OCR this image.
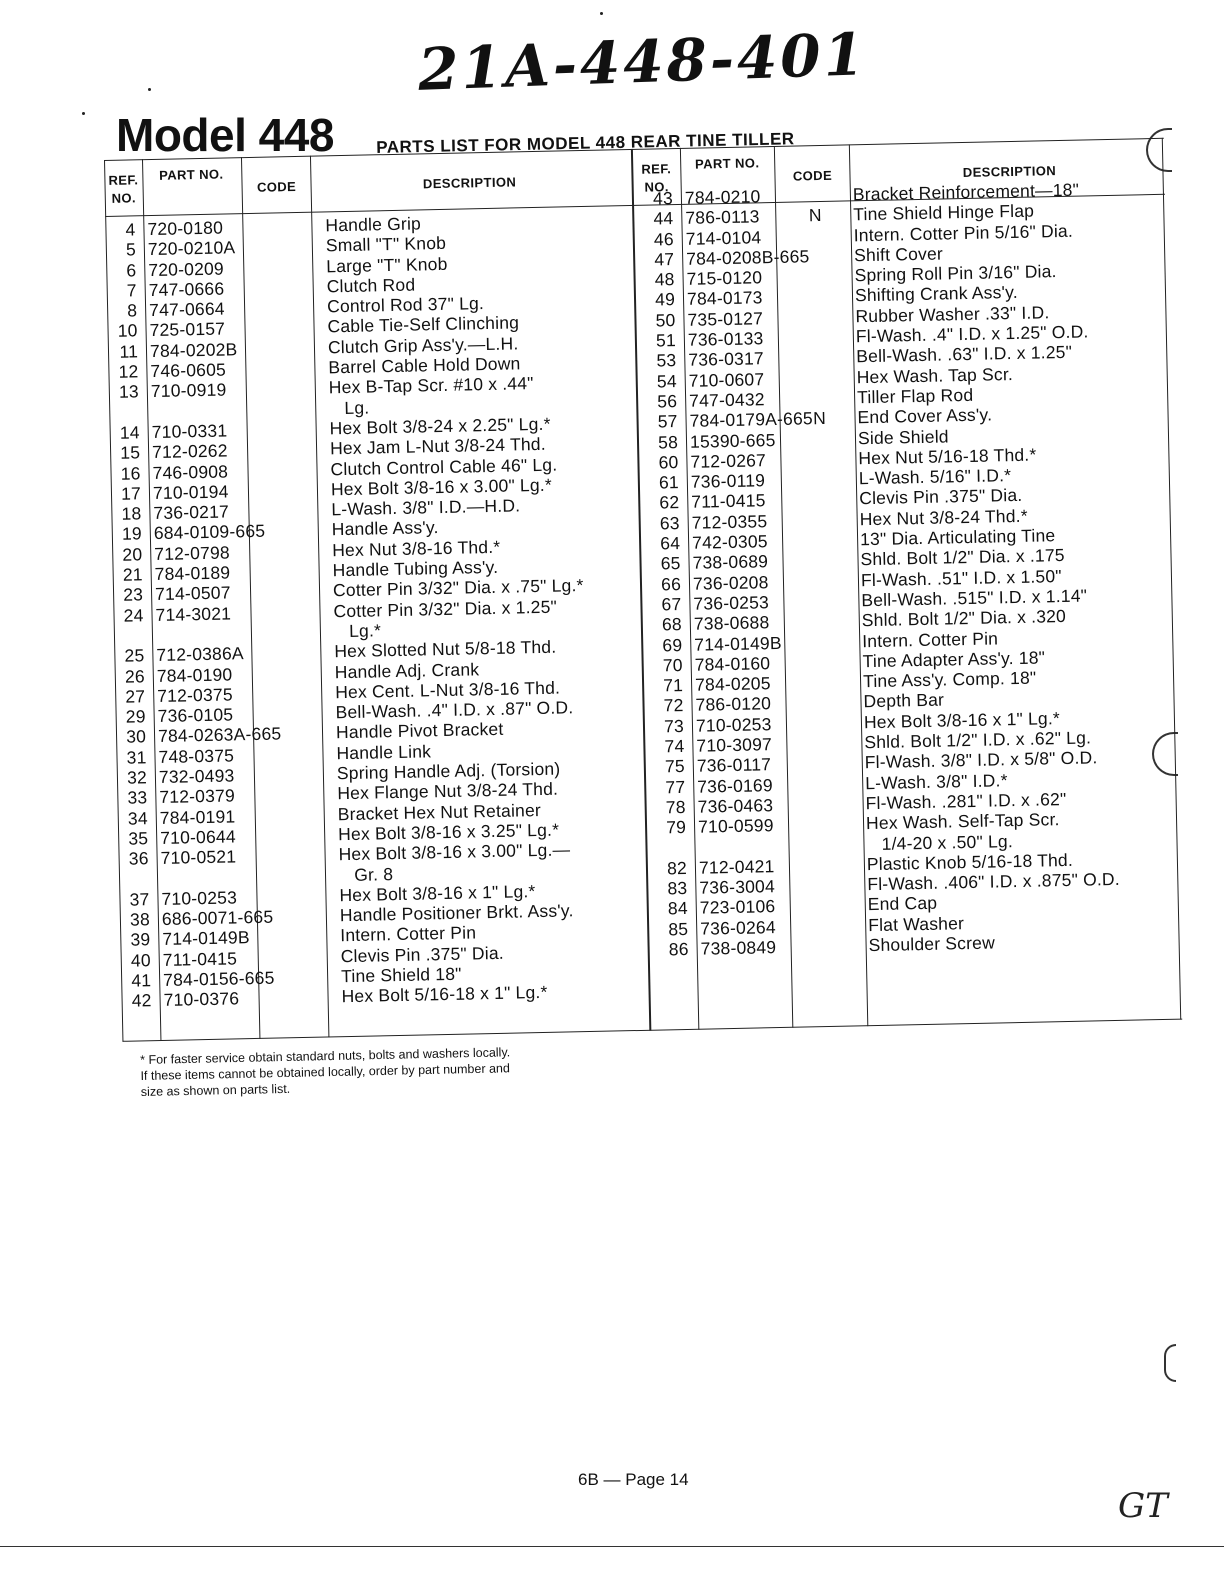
21A-448-401
Model 448 PARTS LIST FOR MODEL 448 REAR TINE TILLER
REF. NO.
PART NO.
CODE	DESCRIPTION
REF. NO.
PART NO.
CODE	DESCRIPTION
4
5
6
7
8
10
11
12
13
14
15
16
17
18
19
20
21
23
24
25
26
27
29
30
31
32
33
34
35
36
37
38
39
40
41
42
720-0180
720-0210A
720-0209
747-0666
747-0664
725-0157
784-0202B
746-0605
710-0919
710-0331
712-0262
746-0908
710-0194
736-0217
684-0109-665
712-0798
784-0189
714-0507
714-3021
712-0386A
784-0190
712-0375
736-0105
784-0263A-665
748-0375
732-0493
712-0379
784-0191
710-0644
710-0521
710-0253
686-0071-665
714-0149B
711-0415
784-0156-665
710-0376
Handle Grip
Small "T" Knob
Large "T" Knob
Clutch Rod
Control Rod 37" Lg.
Cable Tie-Self Clinching
Clutch Grip Ass'y.—L.H.
Barrel Cable Hold Down
Hex B-Tap Scr. #10 x .44"
Lg.
Hex Bolt 3/8-24 x 2.25" Lg.*
Hex Jam L-Nut 3/8-24 Thd.
Clutch Control Cable 46" Lg.
Hex Bolt 3/8-16 x 3.00" Lg.*
L-Wash. 3/8" I.D.—H.D.
Handle Ass'y.
Hex Nut 3/8-16 Thd.*
Handle Tubing Ass'y.
Cotter Pin 3/32" Dia. x .75" Lg.*
Cotter Pin 3/32" Dia. x 1.25"
Lg.*
Hex Slotted Nut 5/8-18 Thd.
Handle Adj. Crank
Hex Cent. L-Nut 3/8-16 Thd.
Bell-Wash. .4" I.D. x .87" O.D.
Handle Pivot Bracket
Handle Link
Spring Handle Adj. (Torsion)
Hex Flange Nut 3/8-24 Thd.
Bracket Hex Nut Retainer
Hex Bolt 3/8-16 x 3.25" Lg.*
Hex Bolt 3/8-16 x 3.00" Lg.—
Gr. 8
Hex Bolt 3/8-16 x 1" Lg.*
Handle Positioner Brkt. Ass'y.
Intern. Cotter Pin
Clevis Pin .375" Dia.
Tine Shield 18"
Hex Bolt 5/16-18 x 1" Lg.*
43
44
46
47
48
49
50
51
53
54
56
57
58
60
61
62
63
64
65
66
67
68
69
70
71
72
73
74
75
77
78
79
82
83
84
85
86
784-0210
786-0113
714-0104
784-0208B-665
715-0120
784-0173
735-0127
736-0133
736-0317
710-0607
747-0432
784-0179A-665
15390-665
712-0267
736-0119
711-0415
712-0355
742-0305
738-0689
736-0208
736-0253
738-0688
714-0149B
784-0160
784-0205
786-0120
710-0253
710-3097
736-0117
736-0169
736-0463
710-0599
712-0421
736-3004
723-0106
736-0264
738-0849
N
N
Bracket Reinforcement—18"
Tine Shield Hinge Flap
Intern. Cotter Pin 5/16" Dia.
Shift Cover
Spring Roll Pin 3/16" Dia.
Shifting Crank Ass'y.
Rubber Washer .33" I.D.
Fl-Wash. .4" I.D. x 1.25" O.D.
Bell-Wash. .63" I.D. x 1.25"
Hex Wash. Tap Scr.
Tiller Flap Rod
End Cover Ass'y.
Side Shield
Hex Nut 5/16-18 Thd.*
L-Wash. 5/16" I.D.*
Clevis Pin .375" Dia.
Hex Nut 3/8-24 Thd.*
13" Dia. Articulating Tine
Shld. Bolt 1/2" Dia. x .175
Fl-Wash. .51" I.D. x 1.50"
Bell-Wash. .515" I.D. x 1.14"
Shld. Bolt 1/2" Dia. x .320
Intern. Cotter Pin
Tine Adapter Ass'y. 18"
Tine Ass'y. Comp. 18"
Depth Bar
Hex Bolt 3/8-16 x 1" Lg.*
Shld. Bolt 1/2" I.D. x .62" Lg.
Fl-Wash. 3/8" I.D. x 5/8" O.D.
L-Wash. 3/8" I.D.*
Fl-Wash. .281" I.D. x .62"
Hex Wash. Self-Tap Scr.
1/4-20 x .50" Lg.
Plastic Knob 5/16-18 Thd.
Fl-Wash. .406" I.D. x .875" O.D.
End Cap
Flat Washer
Shoulder Screw
* For faster service obtain standard nuts, bolts and washers locally.
If these items cannot be obtained locally, order by part number and
size as shown on parts list.
6B — Page 14
GT
